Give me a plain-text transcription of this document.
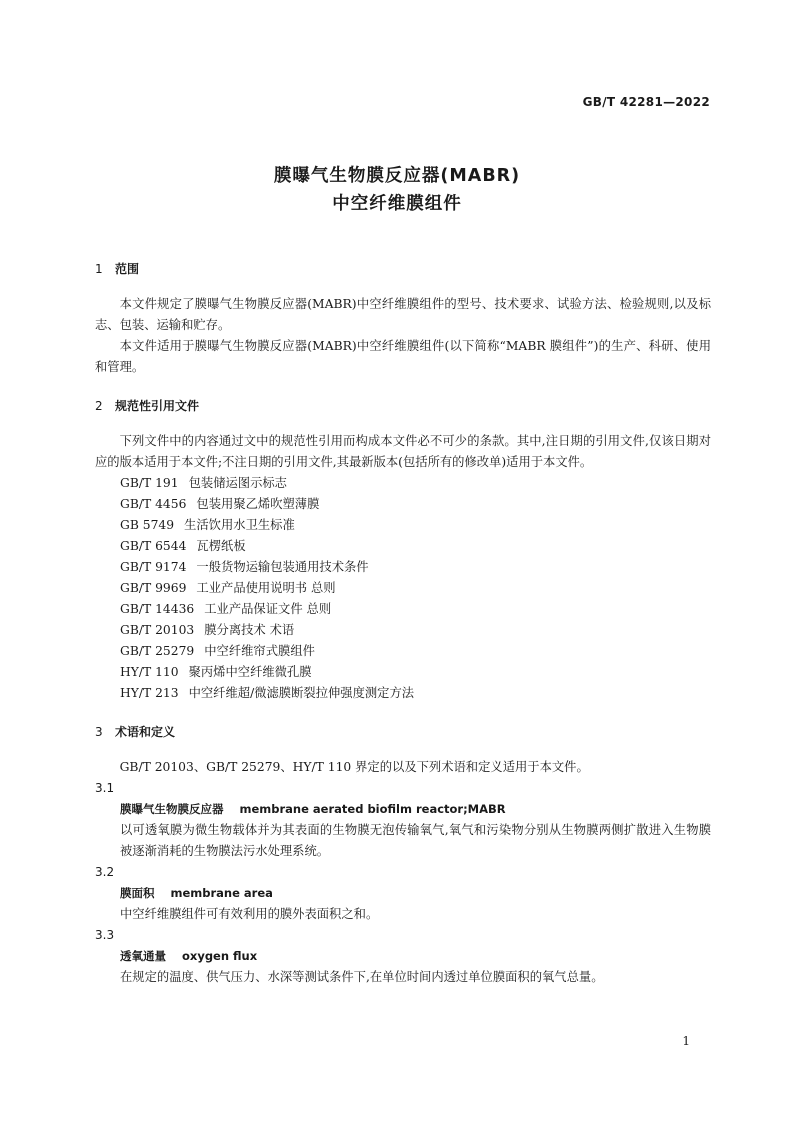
GB/T 42281—2022
膜曝气生物膜反应器(MABR)
中空纤维膜组件
1 范围
本文件规定了膜曝气生物膜反应器(MABR)中空纤维膜组件的型号、技术要求、试验方法、检验规则,以及标志、包装、运输和贮存。
本文件适用于膜曝气生物膜反应器(MABR)中空纤维膜组件(以下简称“MABR 膜组件”)的生产、科研、使用和管理。
2 规范性引用文件
下列文件中的内容通过文中的规范性引用而构成本文件必不可少的条款。其中,注日期的引用文件,仅该日期对应的版本适用于本文件;不注日期的引用文件,其最新版本(包括所有的修改单)适用于本文件。
GB/T 191 包装储运图示标志
GB/T 4456 包装用聚乙烯吹塑薄膜
GB 5749 生活饮用水卫生标准
GB/T 6544 瓦楞纸板
GB/T 9174 一般货物运输包装通用技术条件
GB/T 9969 工业产品使用说明书 总则
GB/T 14436 工业产品保证文件 总则
GB/T 20103 膜分离技术 术语
GB/T 25279 中空纤维帘式膜组件
HY/T 110 聚丙烯中空纤维微孔膜
HY/T 213 中空纤维超/微滤膜断裂拉伸强度测定方法
3 术语和定义
GB/T 20103、GB/T 25279、HY/T 110 界定的以及下列术语和定义适用于本文件。
3.1
膜曝气生物膜反应器 membrane aerated biofilm reactor;MABR
以可透氧膜为微生物载体并为其表面的生物膜无泡传输氧气,氧气和污染物分别从生物膜两侧扩散进入生物膜被逐渐消耗的生物膜法污水处理系统。
3.2
膜面积 membrane area
中空纤维膜组件可有效利用的膜外表面积之和。
3.3
透氧通量 oxygen flux
在规定的温度、供气压力、水深等测试条件下,在单位时间内透过单位膜面积的氧气总量。
1
